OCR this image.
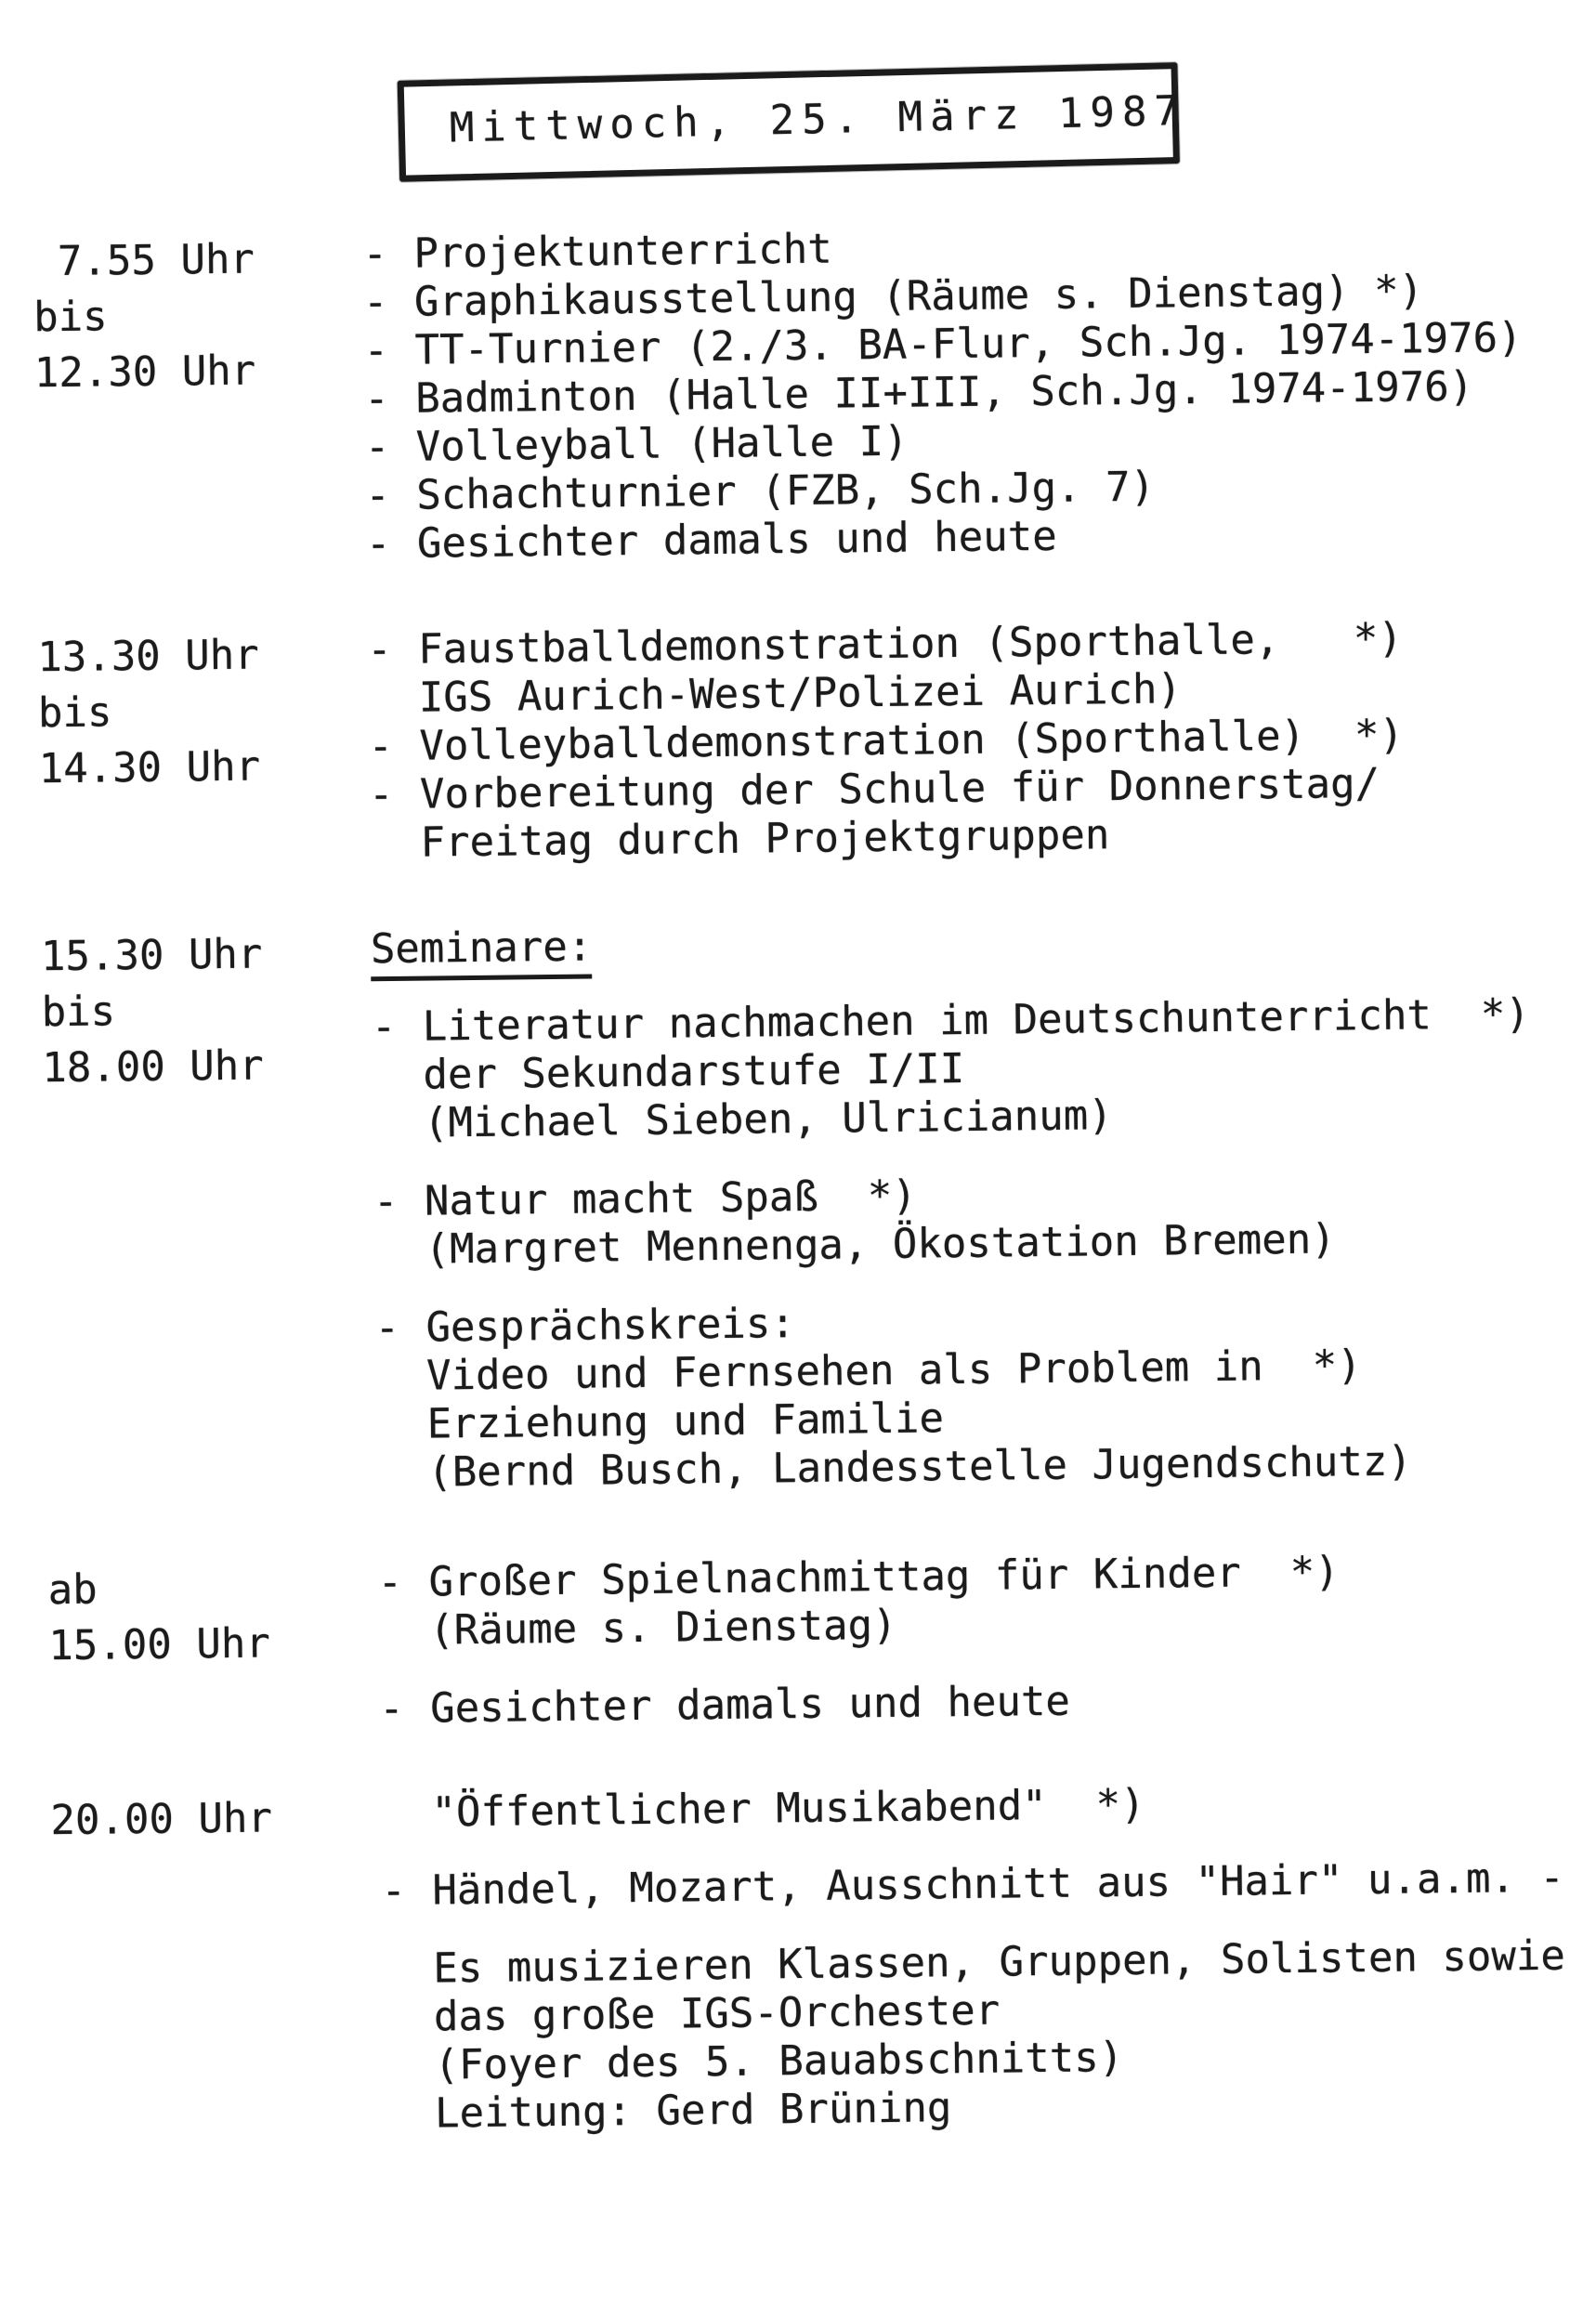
Mittwoch, 25. März 1987
7.55 Uhr
bis
12.30 Uhr
- Projektunterricht
- Graphikausstellung (Räume s. Dienstag) *)
- TT-Turnier (2./3. BA-Flur, Sch.Jg. 1974-1976)
- Badminton (Halle II+III, Sch.Jg. 1974-1976)
- Volleyball (Halle I)
- Schachturnier (FZB, Sch.Jg. 7)
- Gesichter damals und heute
13.30 Uhr
bis
14.30 Uhr
- Faustballdemonstration (Sporthalle,   *)
IGS Aurich-West/Polizei Aurich)
- Volleyballdemonstration (Sporthalle)  *)
- Vorbereitung der Schule für Donnerstag/
Freitag durch Projektgruppen
15.30 Uhr
bis
18.00 Uhr
Seminare:
- Literatur nachmachen im Deutschunterricht  *)
der Sekundarstufe I/II
(Michael Sieben, Ulricianum)
- Natur macht Spaß  *)
(Margret Mennenga, Ökostation Bremen)
- Gesprächskreis:
Video und Fernsehen als Problem in  *)
Erziehung und Familie
(Bernd Busch, Landesstelle Jugendschutz)
ab
15.00 Uhr
- Großer Spielnachmittag für Kinder  *)
(Räume s. Dienstag)
- Gesichter damals und heute
20.00 Uhr	"Öffentlicher Musikabend"  *)
- Händel, Mozart, Ausschnitt aus "Hair" u.a.m. -
Es musizieren Klassen, Gruppen, Solisten sowie
das große IGS-Orchester
(Foyer des 5. Bauabschnitts)
Leitung: Gerd Brüning
